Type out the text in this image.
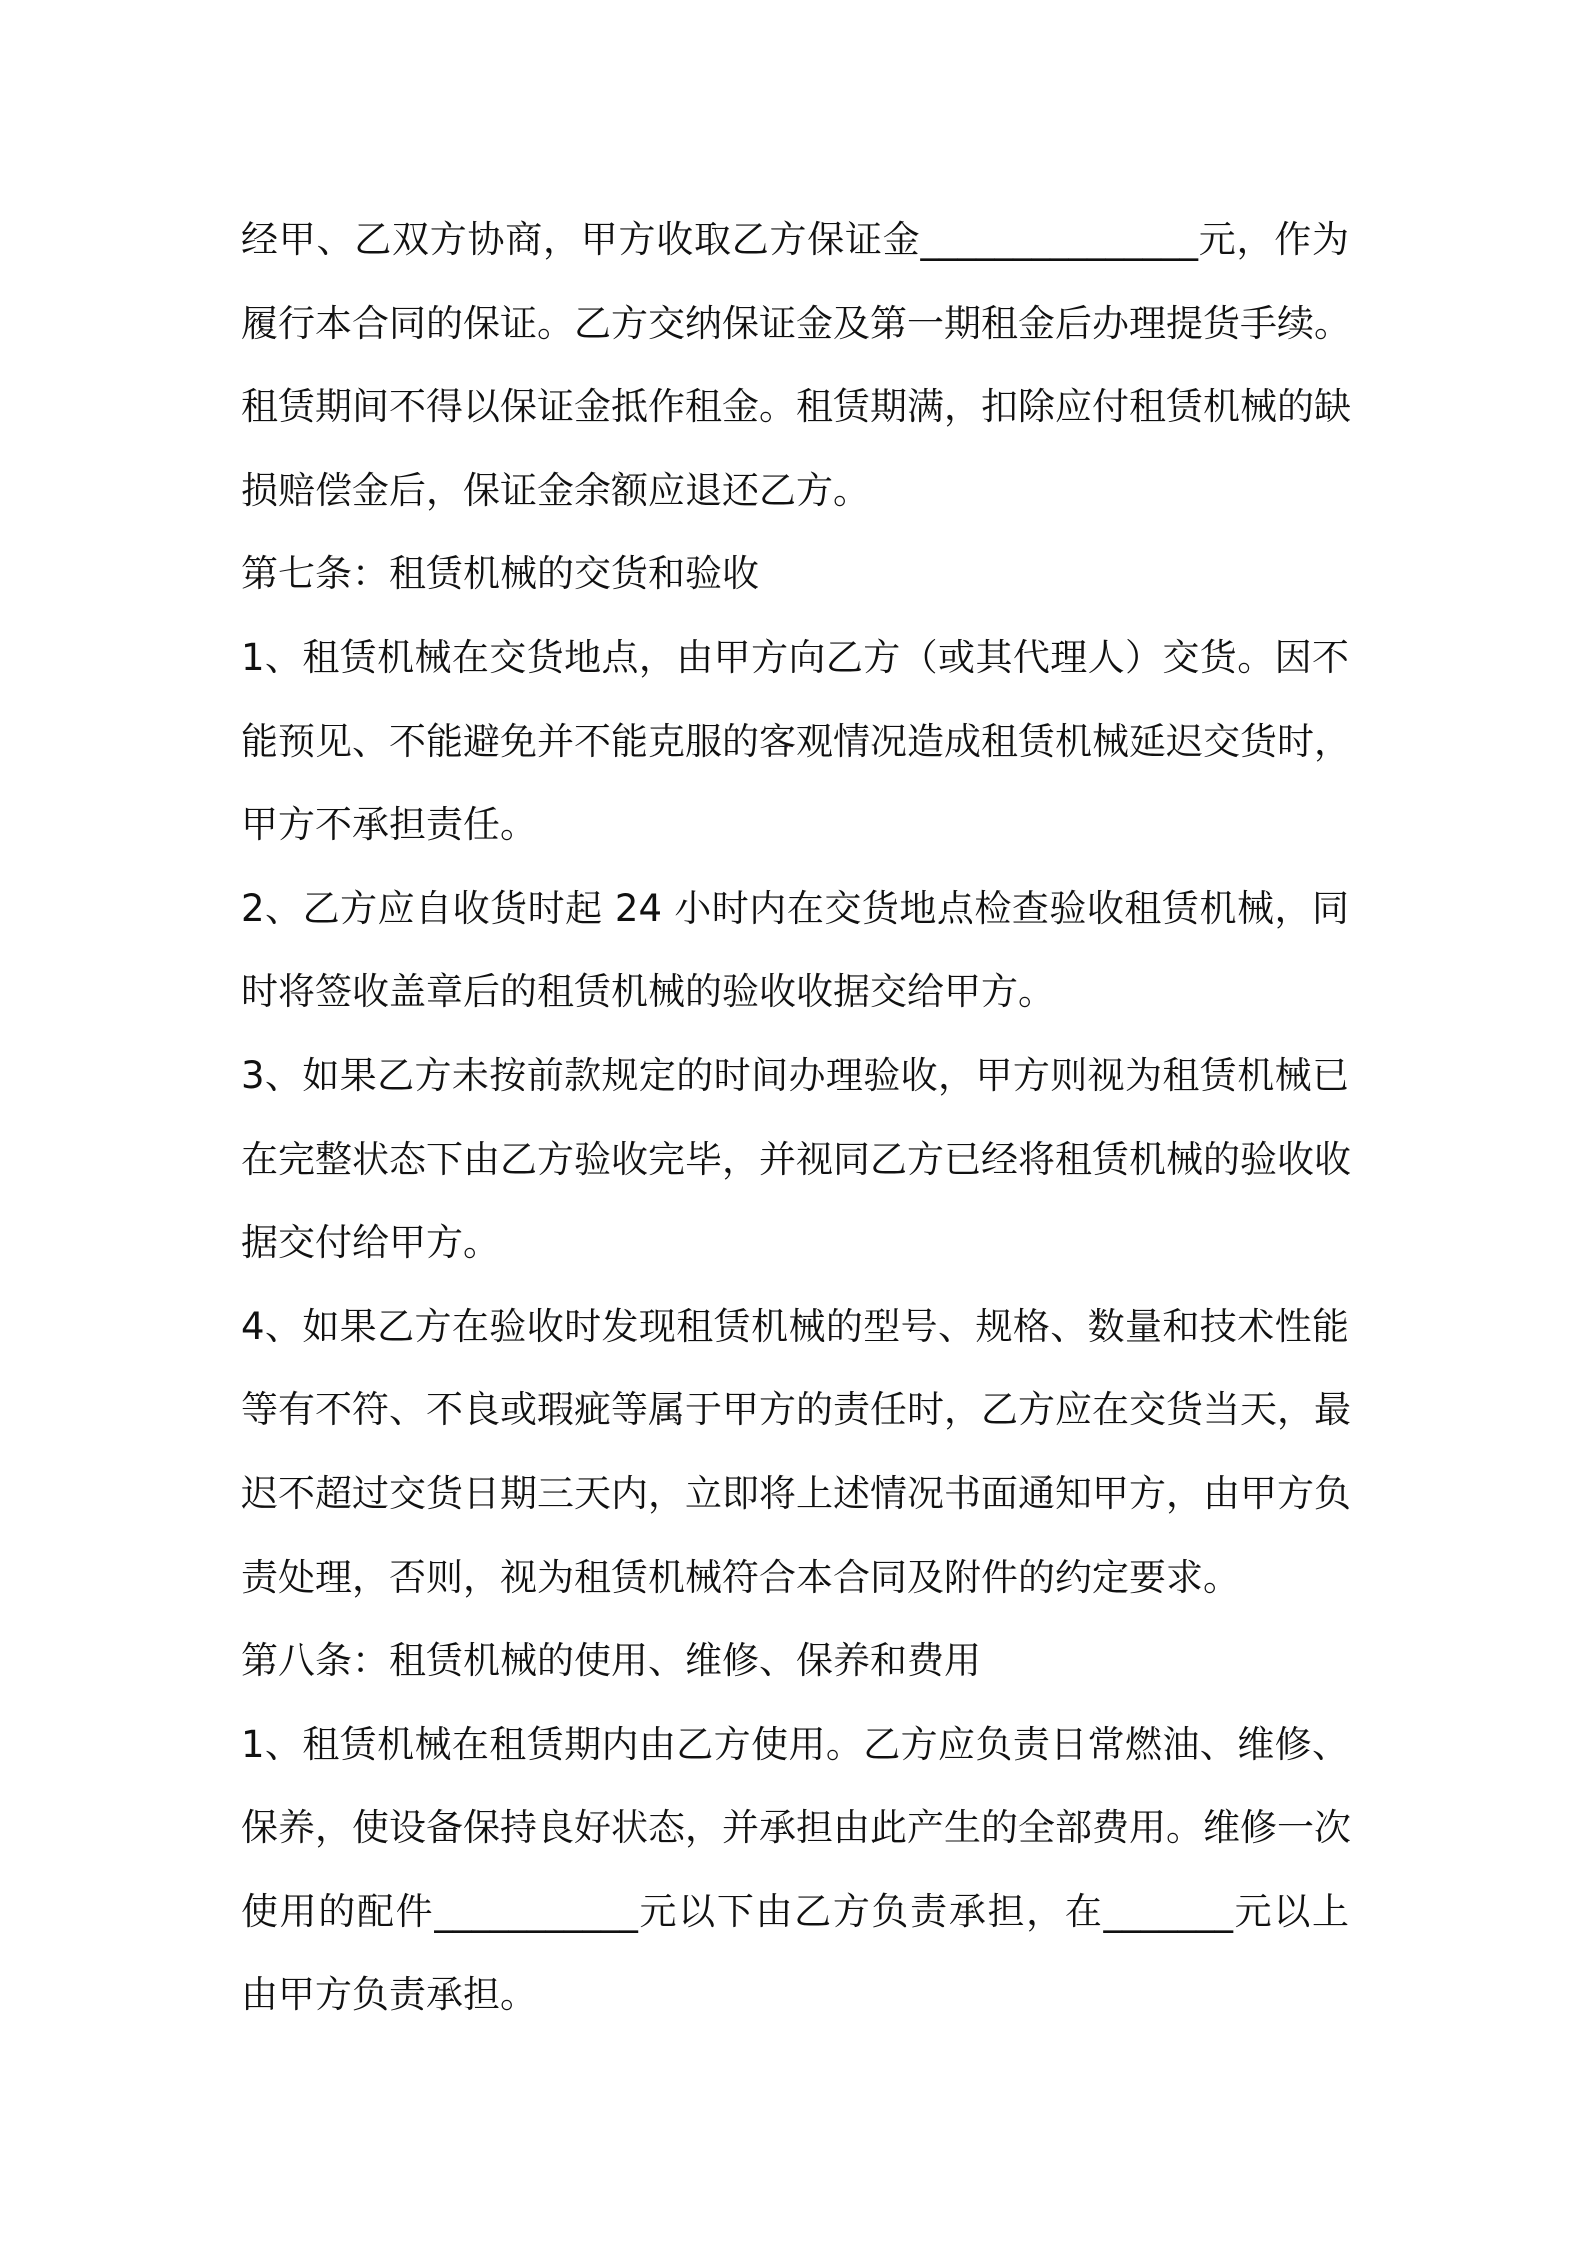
经甲、乙双方协商，甲方收取乙方保证金_______________元，作为
履行本合同的保证。乙方交纳保证金及第一期租金后办理提货手续。
租赁期间不得以保证金抵作租金。租赁期满，扣除应付租赁机械的缺
损赔偿金后，保证金余额应退还乙方。
第七条：租赁机械的交货和验收
1、租赁机械在交货地点，由甲方向乙方（或其代理人）交货。因不
能预见、不能避免并不能克服的客观情况造成租赁机械延迟交货时，
甲方不承担责任。
2、乙方应自收货时起 24 小时内在交货地点检查验收租赁机械，同
时将签收盖章后的租赁机械的验收收据交给甲方。
3、如果乙方未按前款规定的时间办理验收，甲方则视为租赁机械已
在完整状态下由乙方验收完毕，并视同乙方已经将租赁机械的验收收
据交付给甲方。
4、如果乙方在验收时发现租赁机械的型号、规格、数量和技术性能
等有不符、不良或瑕疵等属于甲方的责任时，乙方应在交货当天，最
迟不超过交货日期三天内，立即将上述情况书面通知甲方，由甲方负
责处理，否则，视为租赁机械符合本合同及附件的约定要求。
第八条：租赁机械的使用、维修、保养和费用
1、租赁机械在租赁期内由乙方使用。乙方应负责日常燃油、维修、
保养，使设备保持良好状态，并承担由此产生的全部费用。维修一次
使用的配件___________元以下由乙方负责承担，在_______元以上
由甲方负责承担。
